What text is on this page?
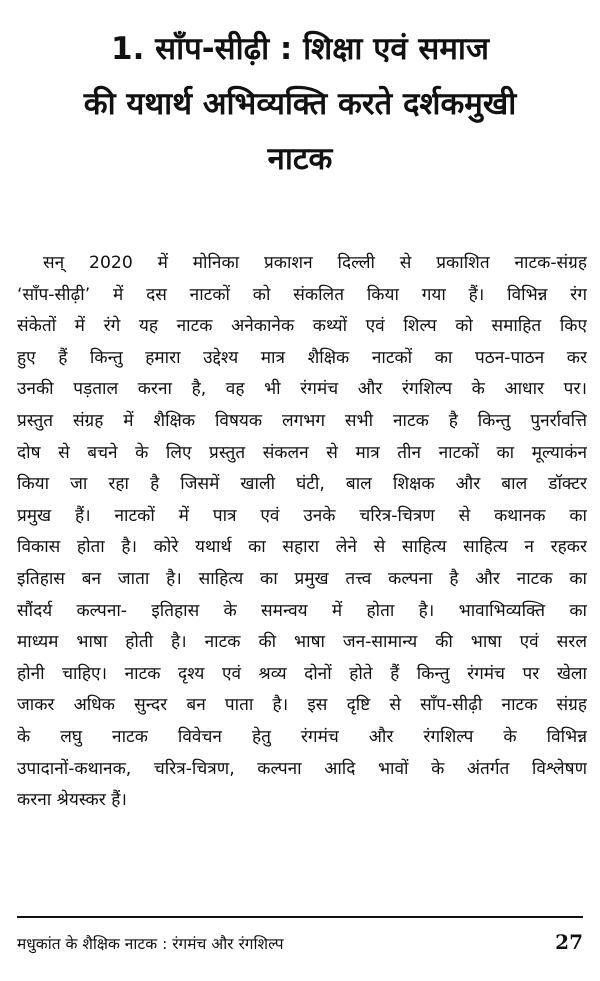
1. साँप-सीढ़ी : शिक्षा एवं समाज
की यथार्थ अभिव्यक्ति करते दर्शकमुखी
नाटक

सन् 2020 में मोनिका प्रकाशन दिल्ली से प्रकाशित नाटक-संग्रह
‘साँप-सीढ़ी’ में दस नाटकों को संकलित किया गया हैं। विभिन्न रंग
संकेतों में रंगे यह नाटक अनेकानेक कथ्यों एवं शिल्प को समाहित किए
हुए हैं किन्तु हमारा उद्देश्य मात्र शैक्षिक नाटकों का पठन-पाठन कर
उनकी पड़ताल करना है, वह भी रंगमंच और रंगशिल्प के आधार पर।
प्रस्तुत संग्रह में शैक्षिक विषयक लगभग सभी नाटक है किन्तु पुनर्रावत्ति
दोष से बचने के लिए प्रस्तुत संकलन से मात्र तीन नाटकों का मूल्याकंन
किया जा रहा है जिसमें खाली घंटी, बाल शिक्षक और बाल डॉक्टर
प्रमुख हैं। नाटकों में पात्र एवं उनके चरित्र-चित्रण से कथानक का
विकास होता है। कोरे यथार्थ का सहारा लेने से साहित्य साहित्य न रहकर
इतिहास बन जाता है। साहित्य का प्रमुख तत्त्व कल्पना है और नाटक का
सौंदर्य कल्पना- इतिहास के समन्वय में होता है। भावाभिव्यक्ति का
माध्यम भाषा होती है। नाटक की भाषा जन-सामान्य की भाषा एवं सरल
होनी चाहिए। नाटक दृश्य एवं श्रव्य दोनों होते हैं किन्तु रंगमंच पर खेला
जाकर अधिक सुन्दर बन पाता है। इस दृष्टि से साँप-सीढ़ी नाटक संग्रह
के लघु नाटक विवेचन हेतु रंगमंच और रंगशिल्प के विभिन्न
उपादानों-कथानक, चरित्र-चित्रण, कल्पना आदि भावों के अंतर्गत विश्लेषण
करना श्रेयस्कर हैं।

मधुकांत के शैक्षिक नाटक : रंगमंच और रंगशिल्प	27
